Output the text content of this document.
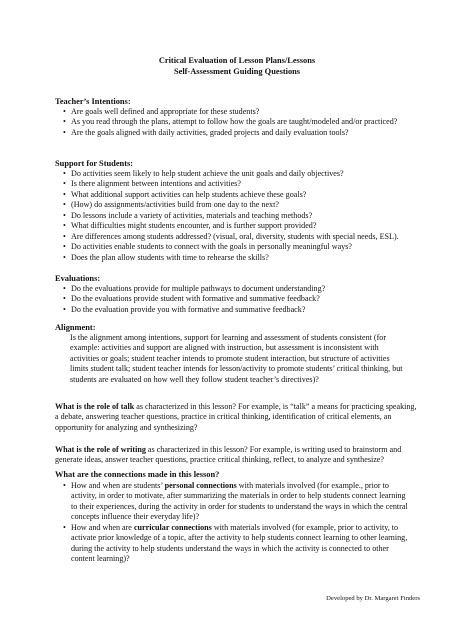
Critical Evaluation of Lesson Plans/Lessons
Self-Assessment Guiding Questions
Teacher’s Intentions:
• Are goals well defined and appropriate for these students?
• As you read through the plans, attempt to follow how the goals are taught/modeled and/or practiced?
• Are the goals aligned with daily activities, graded projects and daily evaluation tools?
Support for Students:
• Do activities seem likely to help student achieve the unit goals and daily objectives?
• Is there alignment between intentions and activities?
• What additional support activities can help students achieve these goals?
• (How) do assignments/activities build from one day to the next?
• Do lessons include a variety of activities, materials and teaching methods?
• What difficulties might students encounter, and is further support provided?
• Are differences among students addressed? (visual, oral, diversity, students with special needs, ESL).
• Do activities enable students to connect with the goals in personally meaningful ways?
• Does the plan allow students with time to rehearse the skills?
Evaluations:
• Do the evaluations provide for multiple pathways to document understanding?
• Do the evaluations provide student with formative and summative feedback?
• Do the evaluation provide you with formative and summative feedback?
Alignment:
Is the alignment among intentions, support for learning and assessment of students consistent (for example: activities and support are aligned with instruction, but assessment is inconsistent with activities or goals; student teacher intends to promote student interaction, but structure of activities limits student talk; student teacher intends for lesson/activity to promote students’ critical thinking, but students are evaluated on how well they follow student teacher’s directives)?
What is the role of talk as characterized in this lesson? For example, is “talk” a means for practicing speaking, a debate, answering teacher questions, practice in critical thinking, identification of critical elements, an opportunity for analyzing and synthesizing?
What is the role of writing as characterized in this lesson? For example, is writing used to brainstorm and generate ideas, answer teacher questions, practice critical thinking, reflect, to analyze and synthesize?
What are the connections made in this lesson?
• How and when are students’ personal connections with materials involved (for example., prior to activity, in order to motivate, after summarizing the materials in order to help students connect learning to their experiences, during the activity in order for students to understand the ways in which the central concepts influence their everyday life)?
• How and when are curricular connections with materials involved (for example, prior to activity, to activate prior knowledge of a topic, after the activity to help students connect learning to other learning, during the activity to help students understand the ways in which the activity is connected to other content learning)?
Developed by Dr. Margaret Finders
